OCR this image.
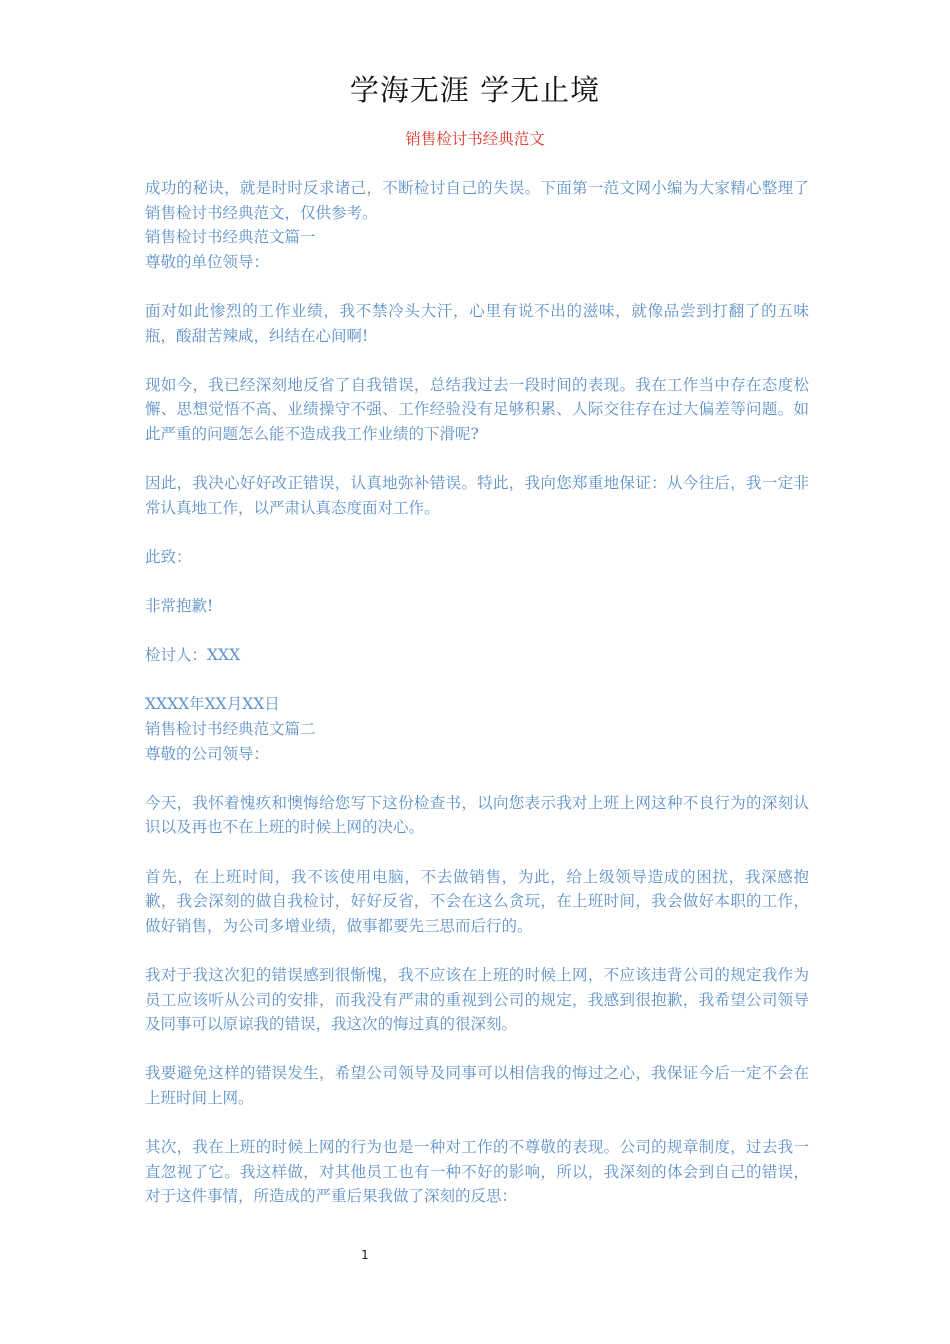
学海无涯 学无止境
销售检讨书经典范文

成功的秘诀，就是时时反求诸己，不断检讨自己的失误。下面第一范文网小编为大家精心整理了销售检讨书经典范文，仅供参考。

销售检讨书经典范文篇一

尊敬的单位领导：

面对如此惨烈的工作业绩，我不禁冷头大汗，心里有说不出的滋味，就像品尝到打翻了的五味瓶，酸甜苦辣咸，纠结在心间啊!

现如今，我已经深刻地反省了自我错误，总结我过去一段时间的表现。我在工作当中存在态度松懈、思想觉悟不高、业绩操守不强、工作经验没有足够积累、人际交往存在过大偏差等问题。如此严重的问题怎么能不造成我工作业绩的下滑呢?

因此，我决心好好改正错误，认真地弥补错误。特此，我向您郑重地保证：从今往后，我一定非常认真地工作，以严肃认真态度面对工作。

此致：

非常抱歉!

检讨人：XXX

XXXX年XX月XX日

销售检讨书经典范文篇二

尊敬的公司领导：

今天，我怀着愧疚和懊悔给您写下这份检查书，以向您表示我对上班上网这种不良行为的深刻认识以及再也不在上班的时候上网的决心。

首先，在上班时间，我不该使用电脑，不去做销售，为此，给上级领导造成的困扰，我深感抱歉，我会深刻的做自我检讨，好好反省，不会在这么贪玩，在上班时间，我会做好本职的工作，做好销售，为公司多增业绩，做事都要先三思而后行的。

我对于我这次犯的错误感到很惭愧，我不应该在上班的时候上网，不应该违背公司的规定我作为员工应该听从公司的安排，而我没有严肃的重视到公司的规定，我感到很抱歉，我希望公司领导及同事可以原谅我的错误，我这次的悔过真的很深刻。

我要避免这样的错误发生，希望公司领导及同事可以相信我的悔过之心，我保证今后一定不会在上班时间上网。

其次，我在上班的时候上网的行为也是一种对工作的不尊敬的表现。公司的规章制度，过去我一直忽视了它。我这样做，对其他员工也有一种不好的影响，所以，我深刻的体会到自己的错误，对于这件事情，所造成的严重后果我做了深刻的反思：

1
